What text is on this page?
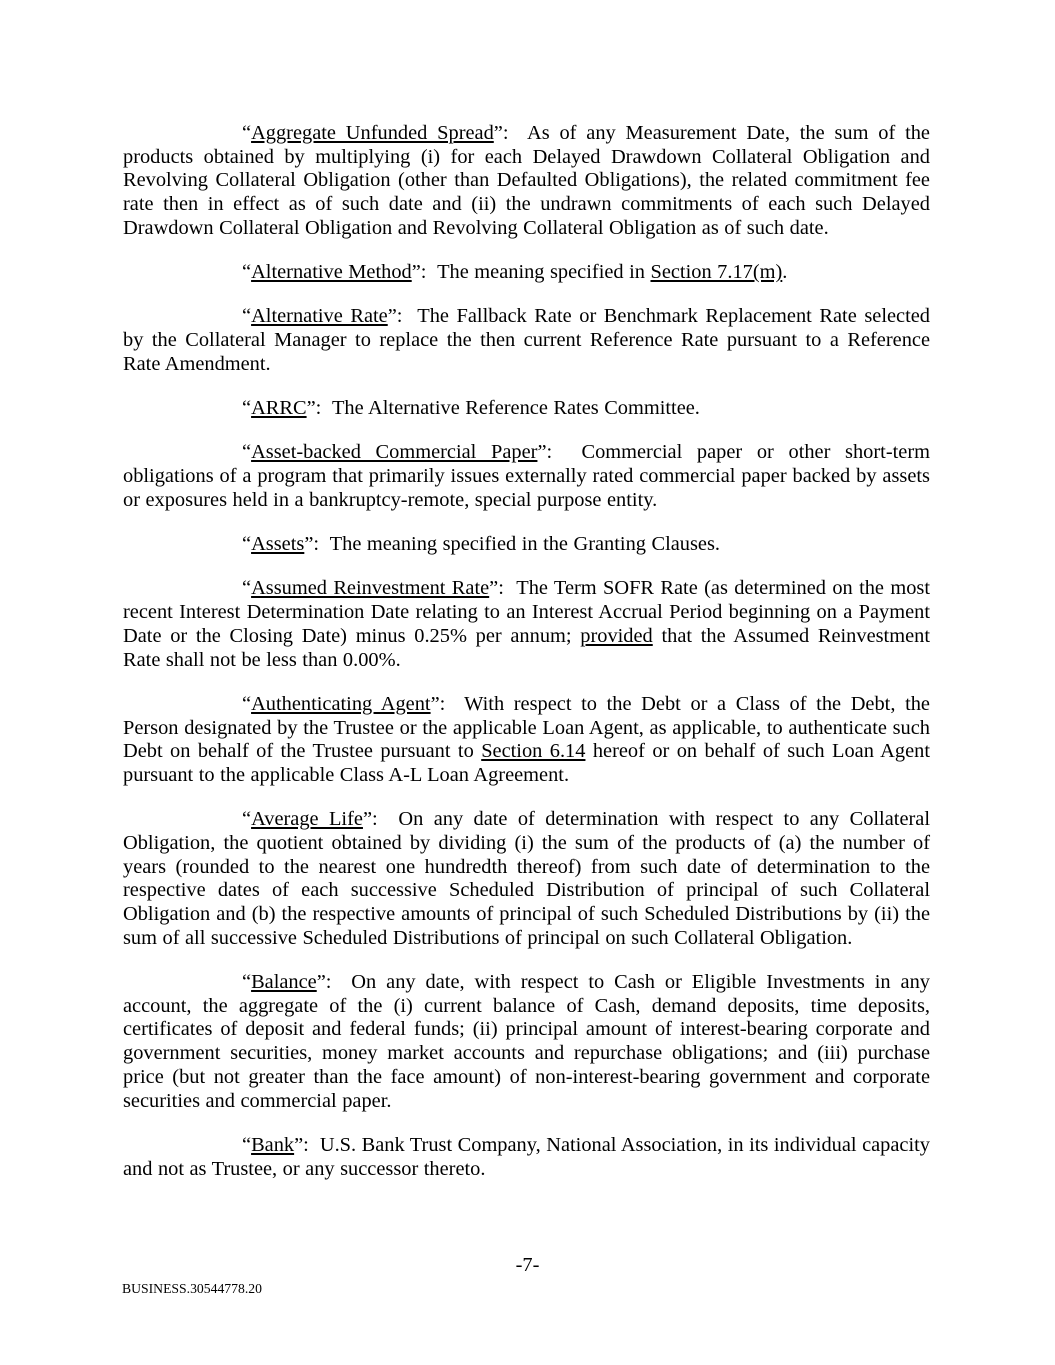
“Aggregate Unfunded Spread”:  As of any Measurement Date, the sum of the products obtained by multiplying (i) for each Delayed Drawdown Collateral Obligation and Revolving Collateral Obligation (other than Defaulted Obligations), the related commitment fee rate then in effect as of such date and (ii) the undrawn commitments of each such Delayed Drawdown Collateral Obligation and Revolving Collateral Obligation as of such date.

“Alternative Method”:  The meaning specified in Section 7.17(m).

“Alternative Rate”:  The Fallback Rate or Benchmark Replacement Rate selected by the Collateral Manager to replace the then current Reference Rate pursuant to a Reference Rate Amendment.

“ARRC”:  The Alternative Reference Rates Committee.

“Asset-backed Commercial Paper”:  Commercial paper or other short-term obligations of a program that primarily issues externally rated commercial paper backed by assets or exposures held in a bankruptcy-remote, special purpose entity.

“Assets”:  The meaning specified in the Granting Clauses.

“Assumed Reinvestment Rate”:  The Term SOFR Rate (as determined on the most recent Interest Determination Date relating to an Interest Accrual Period beginning on a Payment Date or the Closing Date) minus 0.25% per annum; provided that the Assumed Reinvestment Rate shall not be less than 0.00%.

“Authenticating Agent”:  With respect to the Debt or a Class of the Debt, the Person designated by the Trustee or the applicable Loan Agent, as applicable, to authenticate such Debt on behalf of the Trustee pursuant to Section 6.14 hereof or on behalf of such Loan Agent pursuant to the applicable Class A-L Loan Agreement.

“Average Life”:  On any date of determination with respect to any Collateral Obligation, the quotient obtained by dividing (i) the sum of the products of (a) the number of years (rounded to the nearest one hundredth thereof) from such date of determination to the respective dates of each successive Scheduled Distribution of principal of such Collateral Obligation and (b) the respective amounts of principal of such Scheduled Distributions by (ii) the sum of all successive Scheduled Distributions of principal on such Collateral Obligation.

“Balance”:  On any date, with respect to Cash or Eligible Investments in any account, the aggregate of the (i) current balance of Cash, demand deposits, time deposits, certificates of deposit and federal funds; (ii) principal amount of interest-bearing corporate and government securities, money market accounts and repurchase obligations; and (iii) purchase price (but not greater than the face amount) of non-interest-bearing government and corporate securities and commercial paper.

“Bank”:  U.S. Bank Trust Company, National Association, in its individual capacity and not as Trustee, or any successor thereto.

-7-
BUSINESS.30544778.20
